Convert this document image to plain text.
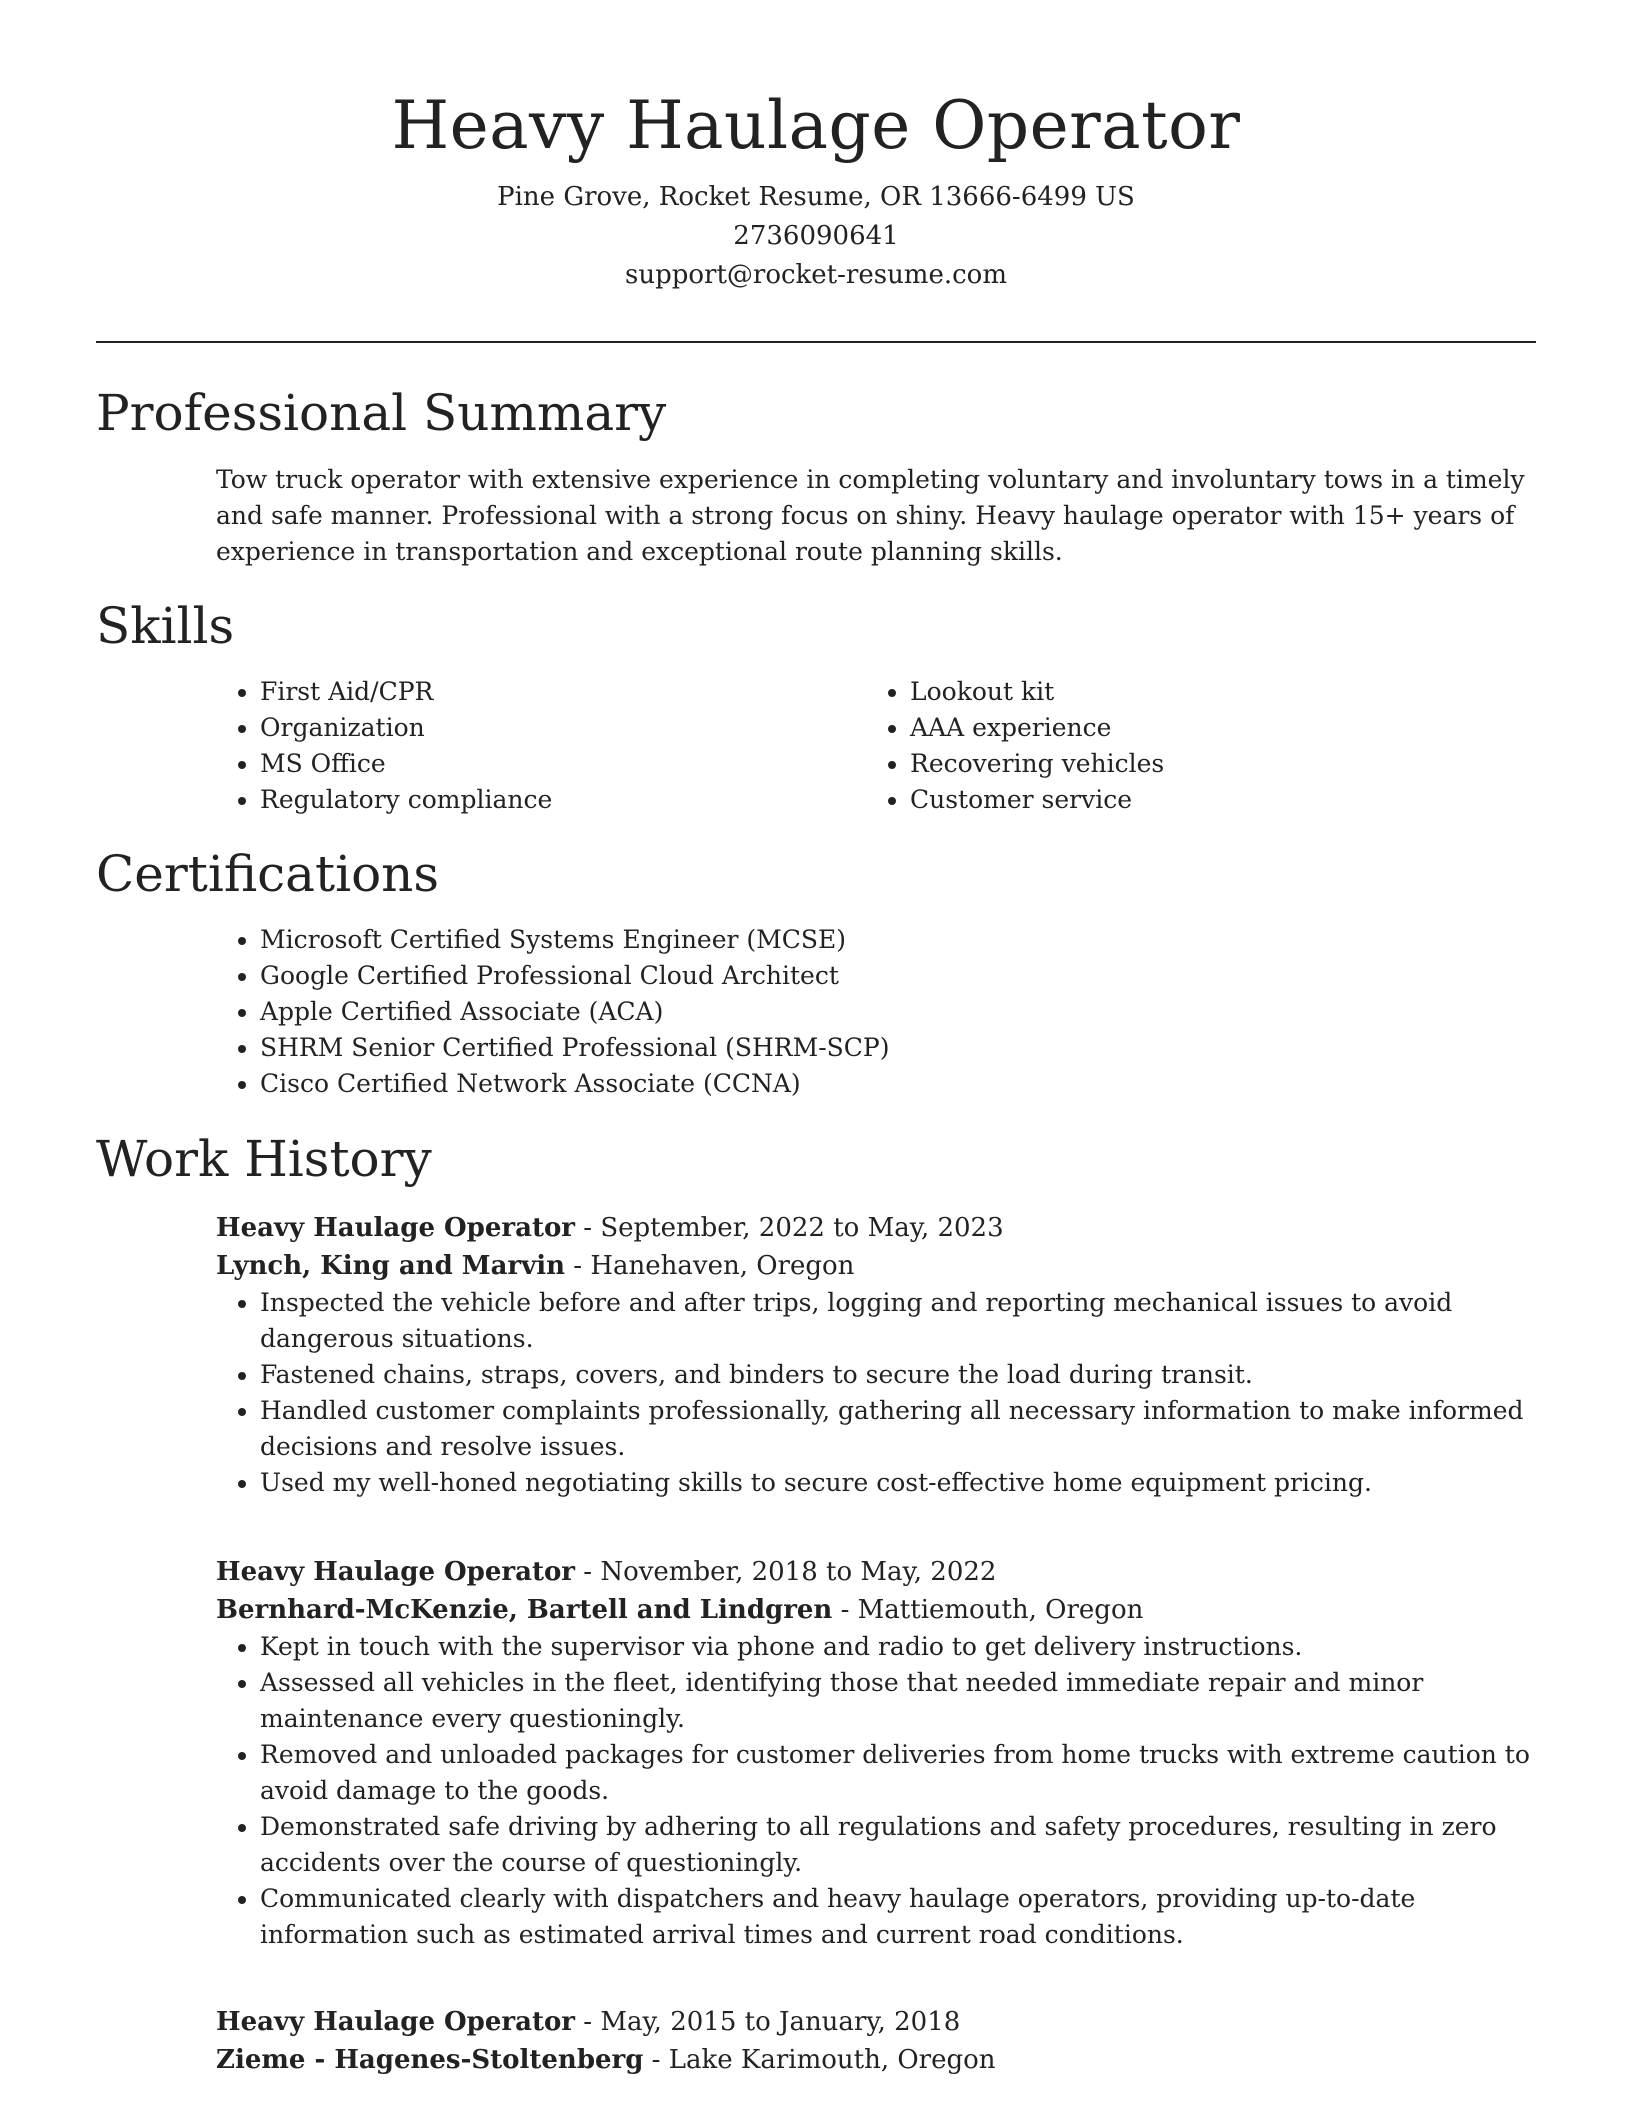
Heavy Haulage Operator

Pine Grove, Rocket Resume, OR 13666-6499 US

2736090641

support@rocket-resume.com

Professional Summary

Tow truck operator with extensive experience in completing voluntary and involuntary tows in a timely and safe manner. Professional with a strong focus on shiny. Heavy haulage operator with 15+ years of experience in transportation and exceptional route planning skills.

Skills
• First Aid/CPR
• Organization
• MS Office
• Regulatory compliance
• Lookout kit
• AAA experience
• Recovering vehicles
• Customer service
Certifications
• Microsoft Certified Systems Engineer (MCSE)
• Google Certified Professional Cloud Architect
• Apple Certified Associate (ACA)
• SHRM Senior Certified Professional (SHRM-SCP)
• Cisco Certified Network Associate (CCNA)
Work History

Heavy Haulage Operator - September, 2022 to May, 2023

Lynch, King and Marvin - Hanehaven, Oregon

• Inspected the vehicle before and after trips, logging and reporting mechanical issues to avoid dangerous situations.
• Fastened chains, straps, covers, and binders to secure the load during transit.
• Handled customer complaints professionally, gathering all necessary information to make informed decisions and resolve issues.
• Used my well-honed negotiating skills to secure cost-effective home equipment pricing.

Heavy Haulage Operator - November, 2018 to May, 2022

Bernhard-McKenzie, Bartell and Lindgren - Mattiemouth, Oregon

• Kept in touch with the supervisor via phone and radio to get delivery instructions.
• Assessed all vehicles in the fleet, identifying those that needed immediate repair and minor maintenance every questioningly.
• Removed and unloaded packages for customer deliveries from home trucks with extreme caution to avoid damage to the goods.
• Demonstrated safe driving by adhering to all regulations and safety procedures, resulting in zero accidents over the course of questioningly.
• Communicated clearly with dispatchers and heavy haulage operators, providing up-to-date information such as estimated arrival times and current road conditions.

Heavy Haulage Operator - May, 2015 to January, 2018

Zieme - Hagenes-Stoltenberg - Lake Karimouth, Oregon
